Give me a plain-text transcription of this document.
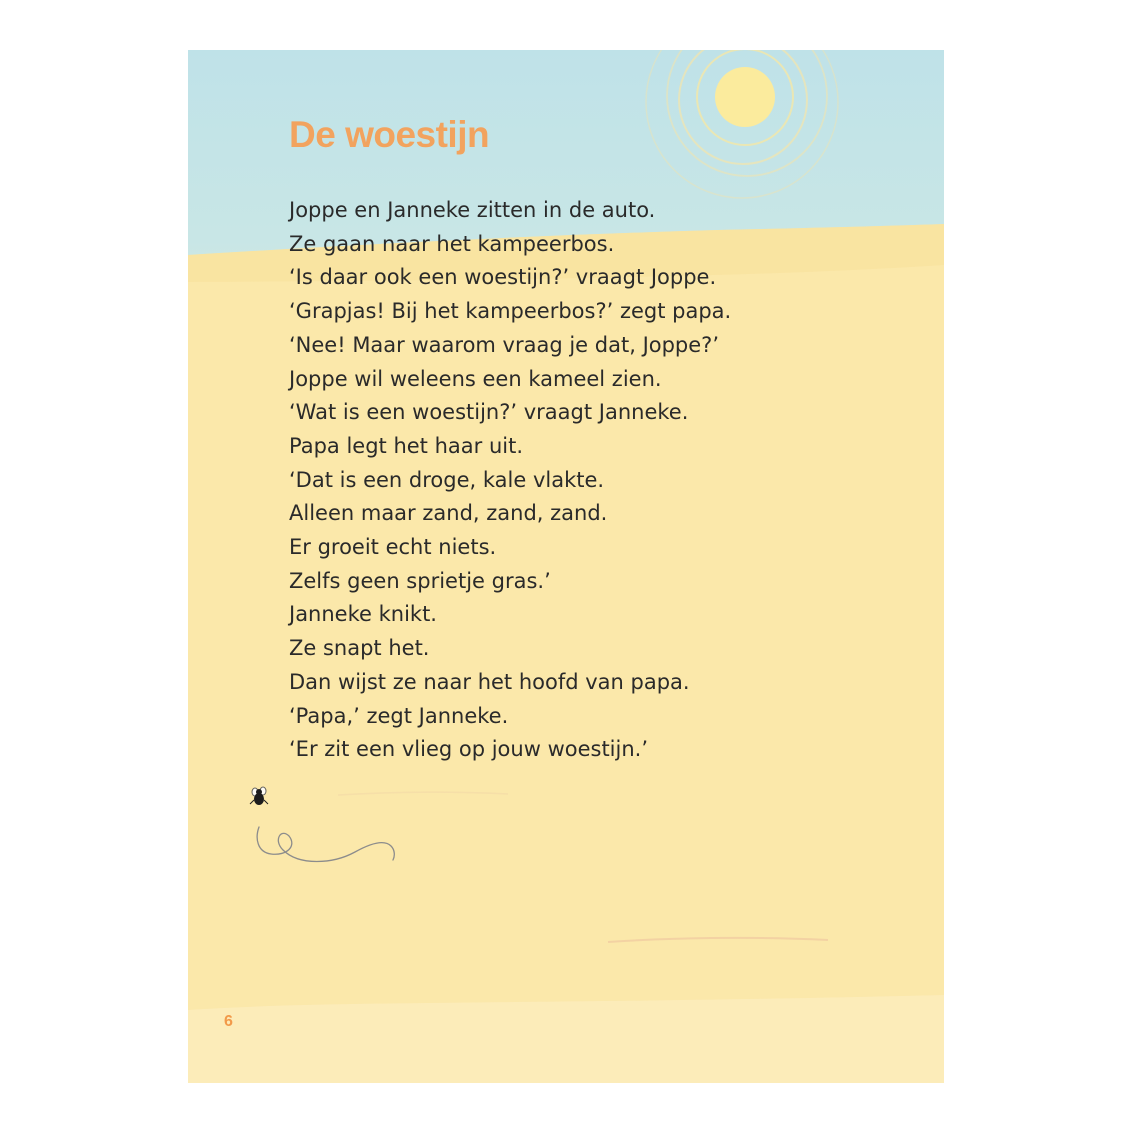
De woestijn
Joppe en Janneke zitten in de auto.
Ze gaan naar het kampeerbos.
‘Is daar ook een woestijn?’ vraagt Joppe.
‘Grapjas! Bij het kampeerbos?’ zegt papa.
‘Nee! Maar waarom vraag je dat, Joppe?’
Joppe wil weleens een kameel zien.
‘Wat is een woestijn?’ vraagt Janneke.
Papa legt het haar uit.
‘Dat is een droge, kale vlakte.
Alleen maar zand, zand, zand.
Er groeit echt niets.
Zelfs geen sprietje gras.’
Janneke knikt.
Ze snapt het.
Dan wijst ze naar het hoofd van papa.
‘Papa,’ zegt Janneke.
‘Er zit een vlieg op jouw woestijn.’
6
